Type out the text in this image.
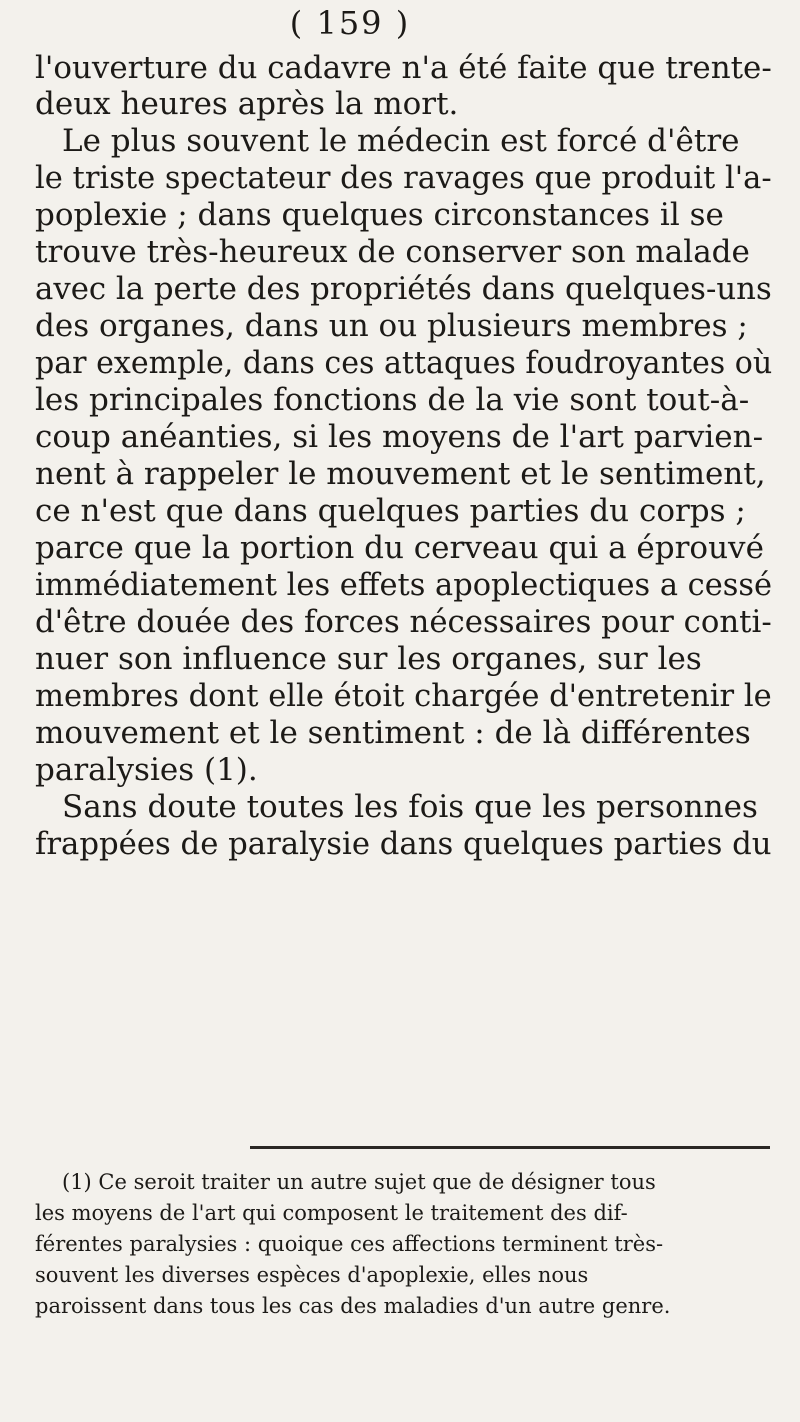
( 159 )
l'ouverture du cadavre n'a été faite que trente-
deux heures après la mort.
Le plus souvent le médecin est forcé d'être
le triste spectateur des ravages que produit l'a-
poplexie ; dans quelques circonstances il se
trouve très-heureux de conserver son malade
avec la perte des propriétés dans quelques-uns
des organes, dans un ou plusieurs membres ;
par exemple, dans ces attaques foudroyantes où
les principales fonctions de la vie sont tout-à-
coup anéanties, si les moyens de l'art parvien-
nent à rappeler le mouvement et le sentiment,
ce n'est que dans quelques parties du corps ;
parce que la portion du cerveau qui a éprouvé
immédiatement les effets apoplectiques a cessé
d'être douée des forces nécessaires pour conti-
nuer son influence sur les organes, sur les
membres dont elle étoit chargée d'entretenir le
mouvement et le sentiment : de là différentes
paralysies (1).
Sans doute toutes les fois que les personnes
frappées de paralysie dans quelques parties du
(1) Ce seroit traiter un autre sujet que de désigner tous
les moyens de l'art qui composent le traitement des dif-
férentes paralysies : quoique ces affections terminent très-
souvent les diverses espèces d'apoplexie, elles nous
paroissent dans tous les cas des maladies d'un autre genre.
